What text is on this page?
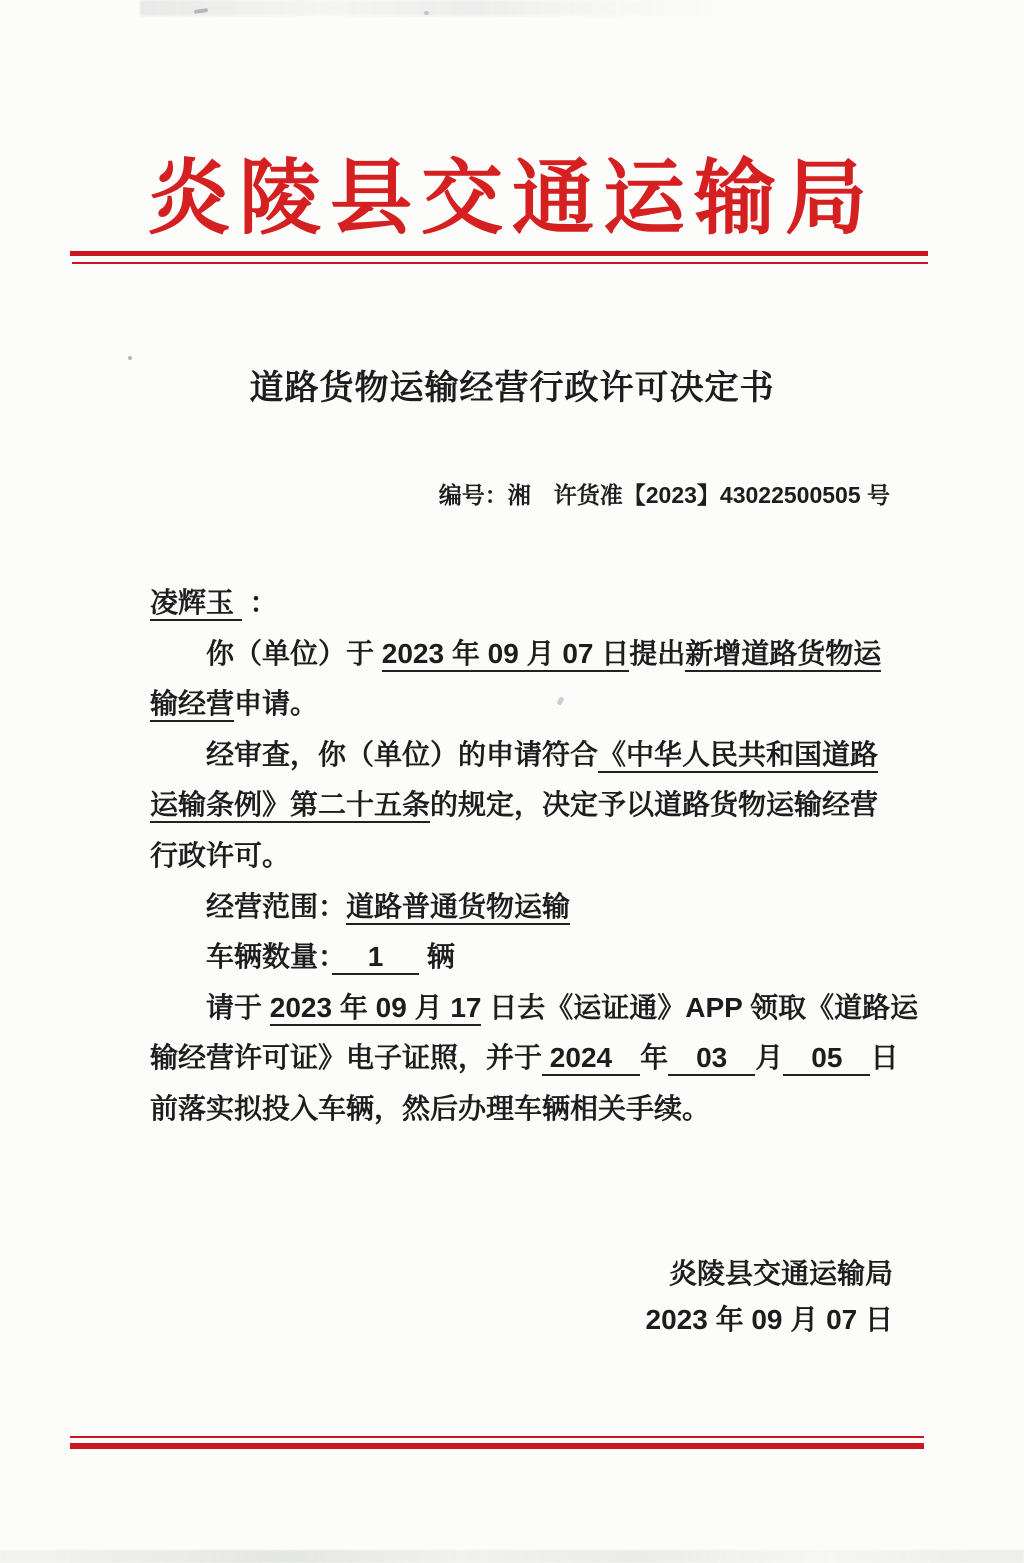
炎陵县交通运输局
道路货物运输经营行政许可决定书
编号：湘　许货准【2023】43022500505 号
凌辉玉  ：
　　你（单位）于 2023 年 09 月 07 日提出新增道路货物运
输经营申请。
　　经审查，你（单位）的申请符合《中华人民共和国道路
运输条例》第二十五条的规定，决定予以道路货物运输经营
行政许可。
　　经营范围：道路普通货物运输
　　车辆数量：　 1 　 辆
　　请于 2023 年 09 月 17 日去《运证通》APP 领取《道路运
输经营许可证》电子证照，并于 2024　年　03　月　05　日
前落实拟投入车辆，然后办理车辆相关手续。
炎陵县交通运输局
2023 年 09 月 07 日
